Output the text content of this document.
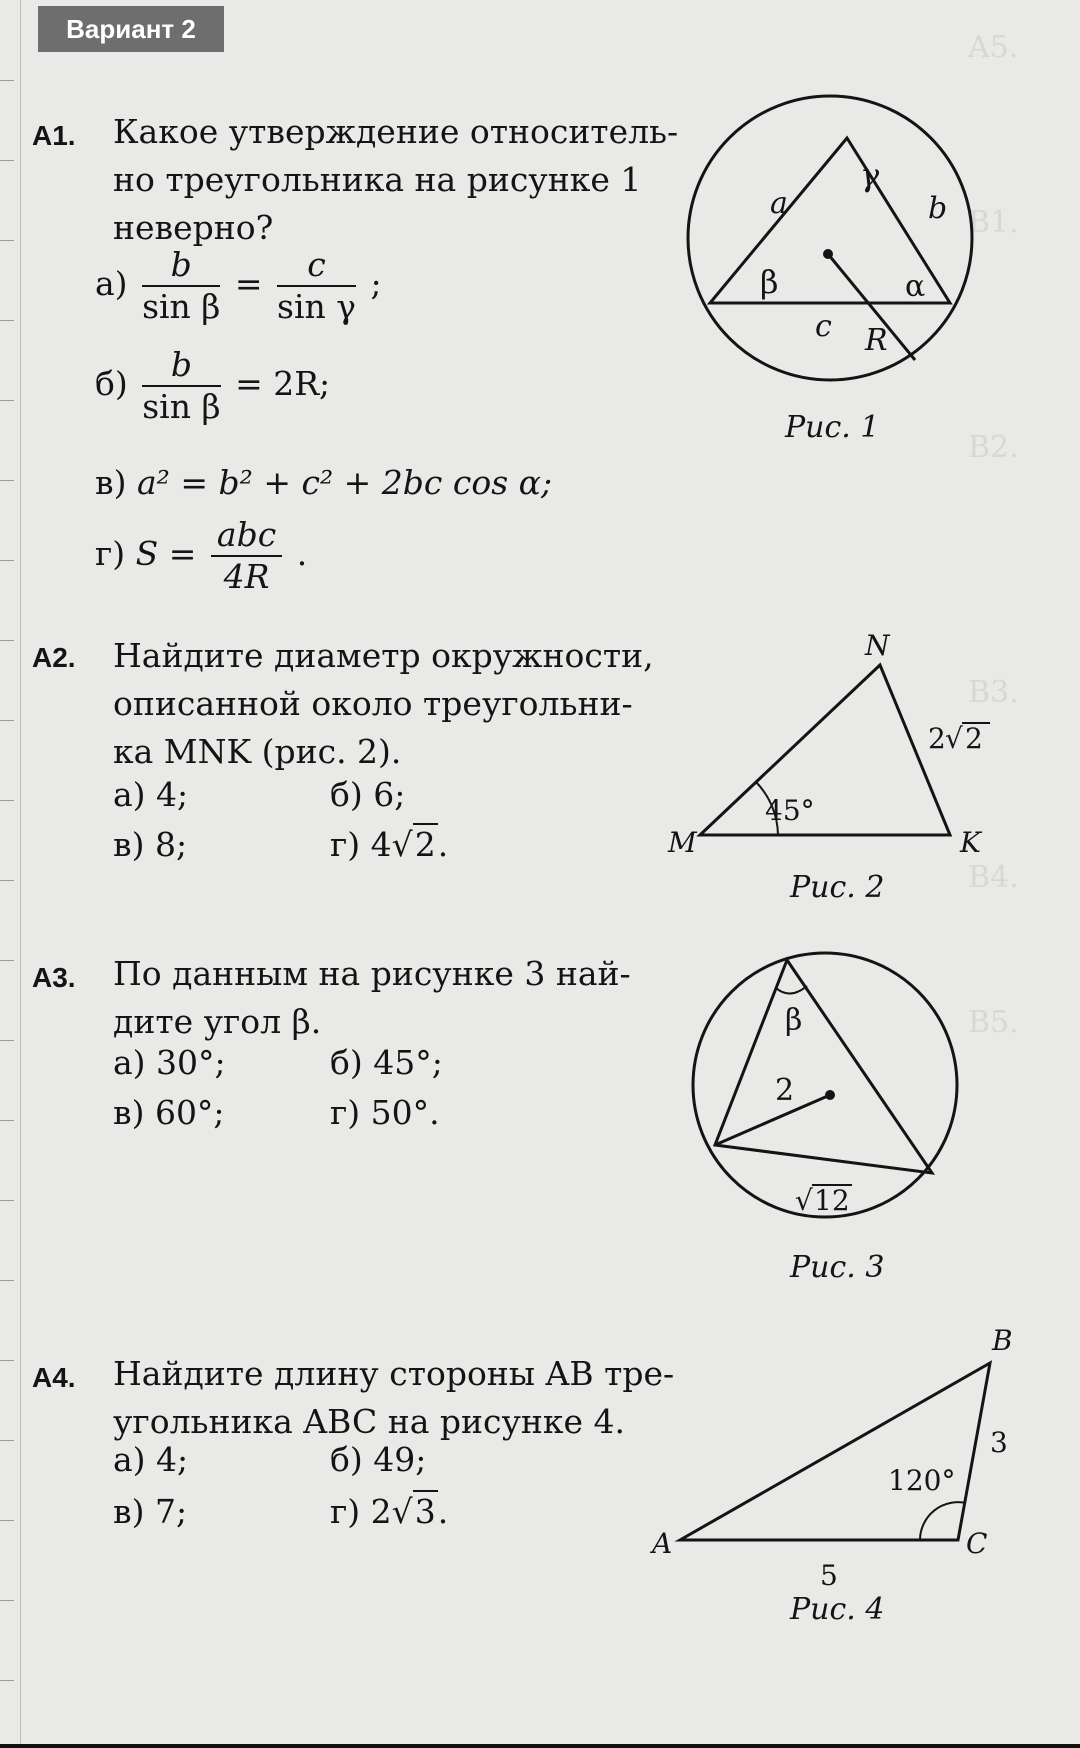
A5.
B1.
B2.
B3.
B4.
B5.
Вариант 2
A1. Какое утверждение относитель-
но треугольника на рисунке 1
неверно?
$а) \frac{b}{\text{sin β}} = \frac{c}{\text{sin γ}}$ ;
$б) \frac{b}{\text{sin β}} = 2R$;
в) a² = b² + c² + 2bc cos α;
г) $S = \frac{\text{abc}}{4R}$ .
γ
a	b
β	α
c R
Рис. 1
A2. Найдите диаметр окружности,
описанной около треугольни-
ка MNK (рис. 2).
а) 4;	б) 6;
в) 8;	г) 4√2.
N
M	K
45°
2 √ 2
Рис. 2
A3. По данным на рисунке 3 най-
дите угол β.
а) 30°;	б) 45°;
в) 60°;	г) 50°.
β
2
√ 12
Рис. 3
A4. Найдите длину стороны AB тре-
угольника ABC на рисунке 4.
а) 4;	б) 49;
в) 7;	г) 2√3.
B
A	C
3
120°
5
Рис. 4
